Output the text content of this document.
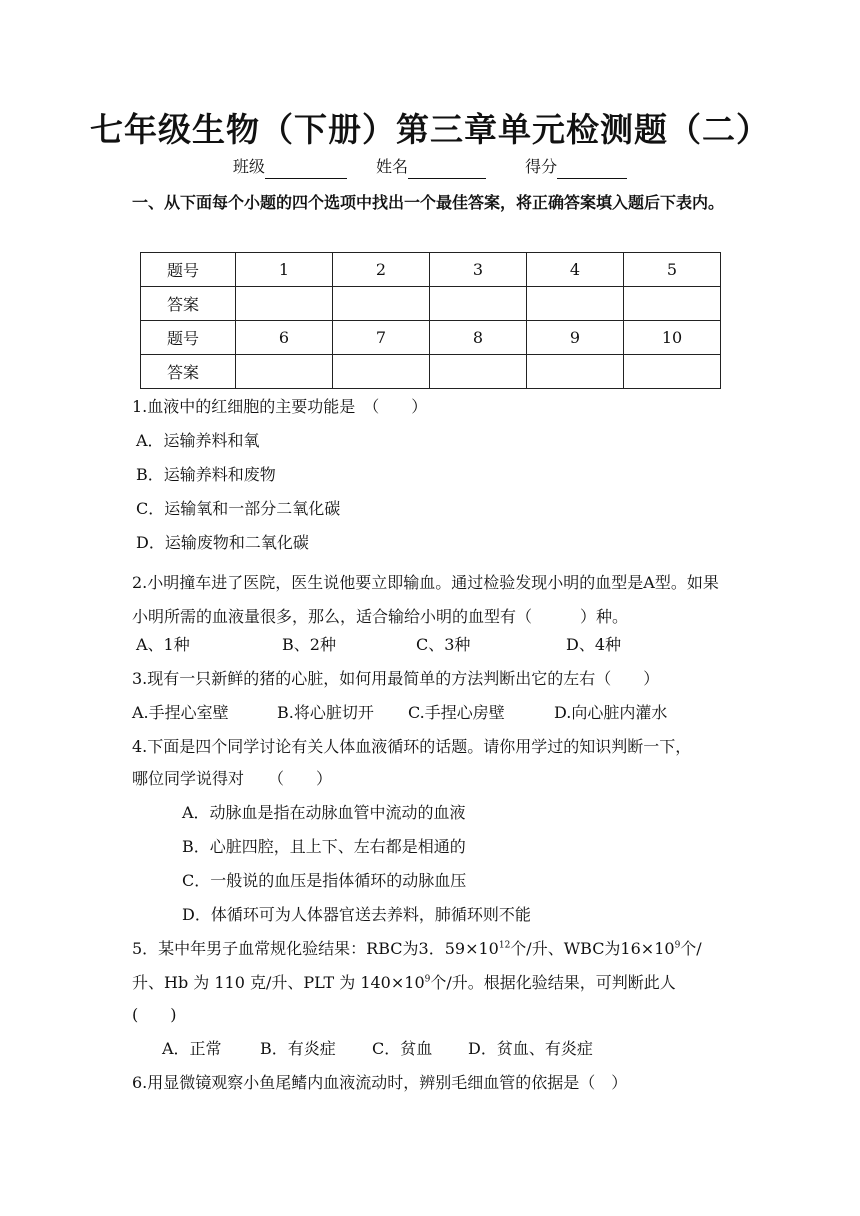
七年级生物（下册）第三章单元检测题（二）
班级	姓名	得分
一、从下面每个小题的四个选项中找出一个最佳答案，将正确答案填入题后下表内。
题号	1	2	3	4	5
答案					
题号	6	7	8	9	10
答案					
1.血液中的红细胞的主要功能是　（　　）
A．运输养料和氧
B．运输养料和废物
C．运输氧和一部分二氧化碳
D．运输废物和二氧化碳
2.小明撞车进了医院，医生说他要立即输血。通过检验发现小明的血型是A型。如果小明所需的血液量很多，那么，适合输给小明的血型有（　　　）种。
A、1种	B、2种	C、3种	D、4种
3.现有一只新鲜的猪的心脏，如何用最简单的方法判断出它的左右（　　）
A.手捏心室壁	B.将心脏切开 C.手捏心房壁	D.向心脏内灌水
4.下面是四个同学讨论有关人体血液循环的话题。请你用学过的知识判断一下，
哪位同学说得对　　（　　）
A．动脉血是指在动脉血管中流动的血液
B．心脏四腔，且上下、左右都是相通的
C．一般说的血压是指体循环的动脉血压
D．体循环可为人体器官送去养料，肺循环则不能
5．某中年男子血常规化验结果：RBC为3．$59\times 10^{12}$个/升、WBC为$16\times 10^9$个/
升、Hb 为 110 克/升、PLT 为 $140\times 10^9$个/升。根据化验结果，可判断此人
(　　)
A．正常 B．有炎症 C．贫血 D．贫血、有炎症
6.用显微镜观察小鱼尾鳍内血液流动时，辨别毛细血管的依据是（　）
